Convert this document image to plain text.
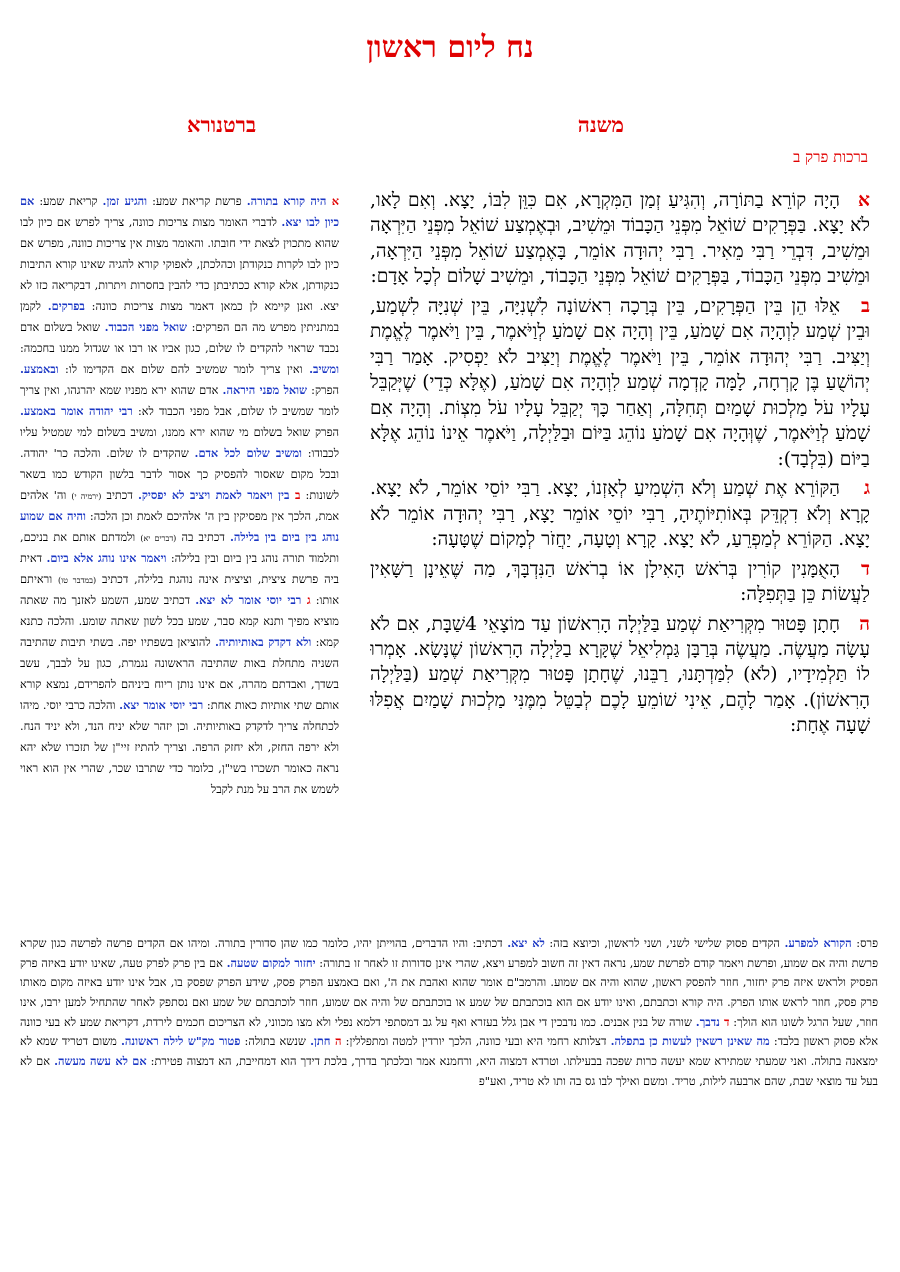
נח ליום ראשון
משנה
ברטנורא
ברכות פרק ב

אהָיָה קוֹרֵא בַתּוֹרָה, וְהִגִּיעַ זְמַן הַמִּקְרָא, אִם כִּוֵּן לִבּוֹ, יָצָא. וְאִם לָאו, לֹא יָצָא. בַּפְּרָקִים שׁוֹאֵל מִפְּנֵי הַכָּבוֹד וּמֵשִׁיב, וּבְאֶמְצַע שׁוֹאֵל מִפְּנֵי הַיִּרְאָה וּמֵשִׁיב, דִּבְרֵי רַבִּי מֵאִיר. רַבִּי יְהוּדָה אוֹמֵר, בָּאֶמְצַע שׁוֹאֵל מִפְּנֵי הַיִּרְאָה, וּמֵשִׁיב מִפְּנֵי הַכָּבוֹד, בַּפְּרָקִים שׁוֹאֵל מִפְּנֵי הַכָּבוֹד, וּמֵשִׁיב שָׁלוֹם לְכָל אָדָם:

באֵלּוּ הֵן בֵּין הַפְּרָקִים, בֵּין בְּרָכָה רִאשׁוֹנָה לִשְׁנִיָּה, בֵּין שְׁנִיָּה לִשְׁמַע, וּבֵין שְׁמַע לִוְהָיָה אִם שָׁמֹעַ, בֵּין וְהָיָה אִם שָׁמֹעַ לְוַיֹּאמֶר, בֵּין וַיֹּאמֶר לֶאֱמֶת וְיַצִּיב. רַבִּי יְהוּדָה אוֹמֵר, בֵּין וַיֹּאמֶר לֶאֱמֶת וְיַצִּיב לֹא יַפְסִיק. אָמַר רַבִּי יְהוֹשֻׁעַ בֶּן קָרְחָה, לָמָּה קָדְמָה שְׁמַע לִוְהָיָה אִם שָׁמֹעַ, (אֶלָּא כְּדֵי) שֶׁיְּקַבֵּל עָלָיו עֹל מַלְכוּת שָׁמַיִם תְּחִלָּה, וְאַחַר כָּךְ יְקַבֵּל עָלָיו עֹל מִצְוֹת. וְהָיָה אִם שָׁמֹעַ לְוַיֹּאמֶר, שֶׁוְּהָיָה אִם שָׁמֹעַ נוֹהֵג בַּיּוֹם וּבַלַּיְלָה, וַיֹּאמֶר אֵינוֹ נוֹהֵג אֶלָּא בַיּוֹם (בִּלְבָד):

גהַקּוֹרֵא אֶת שְׁמַע וְלֹא הִשְׁמִיעַ לְאָזְנוֹ, יָצָא. רַבִּי יוֹסֵי אוֹמֵר, לֹא יָצָא. קָרָא וְלֹא דִקְדֵּק בְּאוֹתִיּוֹתֶיהָ, רַבִּי יוֹסֵי אוֹמֵר יָצָא, רַבִּי יְהוּדָה אוֹמֵר לֹא יָצָא. הַקּוֹרֵא לְמַפְרֵעַ, לֹא יָצָא. קָרָא וְטָעָה, יַחֲזֹר לְמָקוֹם שֶׁטָּעָה:

דהָאֻמָּנִין קוֹרִין בְּרֹאשׁ הָאִילָן אוֹ בְרֹאשׁ הַנִּדְבָּךְ, מַה שֶּׁאֵינָן רַשָּׁאִין לַעֲשׂוֹת כֵּן בַּתְּפִלָּה:

החָתָן פָּטוּר מִקְּרִיאַת שְׁמַע בַּלַּיְלָה הָרִאשׁוֹן עַד מוֹצָאֵי 4שַׁבָּת, אִם לֹא עָשָׂה מַעֲשֶׂה. מַעֲשֶׂה בְּרַבָּן גַּמְלִיאֵל שֶׁקָּרָא בַלַּיְלָה הָרִאשׁוֹן שֶׁנָּשָׂא. אָמְרוּ לוֹ תַּלְמִידָיו, (לֹא) לִמַּדְתָּנוּ, רַבֵּנוּ, שֶׁחָתָן פָּטוּר מִקְּרִיאַת שְׁמַע (בַּלַּיְלָה הָרִאשׁוֹן). אָמַר לָהֶם, אֵינִי שׁוֹמֵעַ לָכֶם לְבַטֵּל מִמֶּנִּי מַלְכוּת שָׁמַיִם אֲפִלּוּ שָׁעָה אֶחָת:

א היה קורא בתורה. פרשת קריאת שמע: והגיע זמן. קריאת שמע: אם כיון לבו יצא. לדברי האומר מצות צריכות כוונה, צריך לפרש אם כיון לבו שהוא מתכוין לצאת ידי חובתו. והאומר מצות אין צריכות כוונה, מפרש אם כיון לבו לקרות כנקודתן וכהלכתן, לאפוקי קורא להגיה שאינו קורא התיבות כנקודתן, אלא קורא ככתיבתן כדי להבין בחסרות ויתרות, דבקריאה כזו לא יצא. ואנן קיימא לן כמאן דאמר מצות צריכות כוונה: בפרקים. לקמן במתניתין מפרש מה הם הפרקים: שואל מפני הכבוד. שואל בשלום אדם נכבד שראוי להקדים לו שלום, כגון אביו או רבו או שגדול ממנו בחכמה: ומשיב. ואין צריך לומר שמשיב להם שלום אם הקדימו לו: ובאמצע. הפרק: שואל מפני היראה. אדם שהוא ירא מפניו שמא יהרגהו, ואין צריך לומר שמשיב לו שלום, אבל מפני הכבוד לא: רבי יהודה אומר באמצע. הפרק שואל בשלום מי שהוא ירא ממנו, ומשיב בשלום למי שמטיל עליו לכבודו: ומשיב שלום לכל אדם. שהקדים לו שלום. והלכה כר' יהודה. ובכל מקום שאסור להפסיק כך אסור לדבר בלשון הקודש כמו בשאר לשונות: ב בין ויאמר לאמת ויציב לא יפסיק. דכתיב (ירמיה י) וה' אלהים אמת, הלכך אין מפסיקין בין ה' אלהיכם לאמת וכן הלכה: והיה אם שמוע נוהג בין ביום בין בלילה. דכתיב בה (דברים יא) ולמדתם אותם את בניכם, ותלמוד תורה נוהג בין ביום ובין בלילה: ויאמר אינו נוהג אלא ביום. דאית ביה פרשת ציצית, וציצית אינה נוהגת בלילה, דכתיב (במדבר טו) וראיתם אותו: ג רבי יוסי אומר לא יצא. דכתיב שמע, השמע לאזנך מה שאתה מוציא מפיך ותנא קמא סבר, שמע בכל לשון שאתה שומע. והלכה כתנא קמא: ולא דקדק באותיותיה. להוציאן בשפתיו יפה. בשתי תיבות שהתיבה השניה מתחלת באות שהתיבה הראשונה נגמרת, כגון על לבבך, עשב בשדך, ואבדתם מהרה, אם אינו נותן ריוח ביניהם להפרידם, נמצא קורא אותם שתי אותיות כאות אחת: רבי יוסי אומר יצא. והלכה כרבי יוסי. מיהו לכתחלה צריך לדקדק באותיותיה. וכן יזהר שלא יניח הנד, ולא יניד הנח. ולא ירפה החזק, ולא יחזק הרפה. וצריך להתיז זיי"ן של תזכרו שלא יהא נראה כאומר תשכרו בשי"ן, כלומר כדי שתרבו שכר, שהרי אין הוא ראוי לשמש את הרב על מנת לקבל

פרס: הקורא למפרע. הקדים פסוק שלישי לשני, ושני לראשון, וכיוצא בזה: לא יצא. דכתיב: והיו הדברים, בהוייתן יהיו, כלומר כמו שהן סדורין בתורה. ומיהו אם הקדים פרשה לפרשה כגון שקרא פרשת והיה אם שמוע, ופרשת ויאמר קודם לפרשת שמע, נראה דאין זה חשוב למפרע ויצא, שהרי אינן סדורות זו לאחר זו בתורה: יחזור למקום שטעה. אם בין פרק לפרק טעה, שאינו יודע באיזה פרק הפסיק ולראש איזה פרק יחזור, חוזר להפסק ראשון, שהוא והיה אם שמוע. והרמב"ם אומר שהוא ואהבת את ה', ואם באמצע הפרק פסק, שידע הפרק שפסק בו, אבל אינו יודע באיזה מקום מאותו פרק פסק, חוזר לראש אותו הפרק. היה קורא וכתבתם, ואינו יודע אם הוא בוכתבתם של שמע או בוכתבתם של והיה אם שמוע, חוזר לוכתבתם של שמע ואם נסתפק לאחר שהתחיל למען ירבו, אינו חוזר, שעל הרגל לשונו הוא הולך: ד נדבך. שורה של בנין אבנים. כמו נדבכין די אבן גלל בעזרא ואף על גב דמסתפי דלמא נפלי ולא מצו מכווני, לא הצריכום חכמים לירדת, דקריאת שמע לא בעי כוונה אלא פסוק ראשון בלבד: מה שאינן רשאין לעשות כן בתפלה. דצלותא רחמי היא ובעי כוונה, הלכך יורדין למטה ומתפללין: ה חתן. שנשא בתולה: פטור מק"ש לילה ראשונה. משום דטריד שמא לא ימצאנה בתולה. ואני שמעתי שמתירא שמא יעשה כרות שפכה בבעילתו. וטרדא דמצוה היא, ורחמנא אמר ובלכתך בדרך, בלכת דידך הוא דמחייבת, הא דמצוה פטירת: אם לא עשה מעשה. אם לא בעל עד מוצאי שבת, שהם ארבעה לילות, טריד. ומשם ואילך לבו גס בה ותו לא טריד, ואע"פ
